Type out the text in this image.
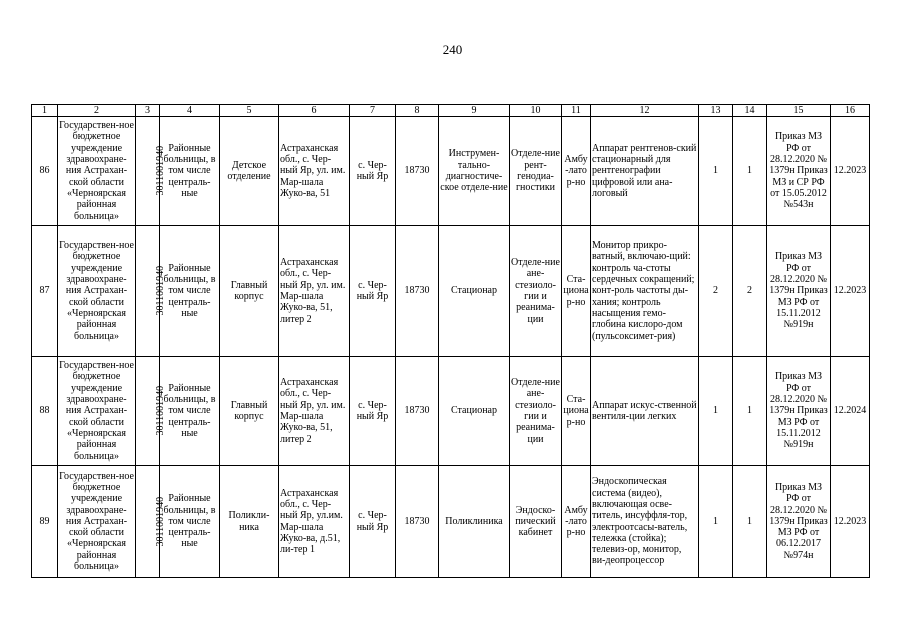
240
1	2	3	4	5	6	7	8	9	10	11	12	13	14	15	16
86	Государствен-ное бюджетное учреждение здравоохране-ния Астрахан-ской области «Черноярская районная больница»	3011001940	Районные больницы, в том числе централь-ные	Детское отделение	Астраханская обл., с. Чер-ный Яр, ул. им. Мар-шала Жуко-ва, 51	с. Чер-ный Яр	18730	Инструмен-тально-диагностиче-ское отделе-ние	Отделе-ние рент-генодиа-гностики	Амбу-латор-но	Аппарат рентгенов-ский стационарный для рентгенографии цифровой или ана-логовый	1	1	Приказ МЗ РФ от 28.12.2020 № 1379н Приказ МЗ и СР РФ от 15.05.2012 №543н	12.2023
87	Государствен-ное бюджетное учреждение здравоохране-ния Астрахан-ской области «Черноярская районная больница»	3011001940	Районные больницы, в том числе централь-ные	Главный корпус	Астраханская обл., с. Чер-ный Яр, ул. им. Мар-шала Жуко-ва, 51, литер 2	с. Чер-ный Яр	18730	Стационар	Отделе-ние ане-стезиоло-гии и реанима-ции	Ста-ционар-но	Монитор прикро-ватный, включаю-щий: контроль ча-стоты сердечных сокращений; конт-роль частоты ды-хания; контроль насыщения гемо-глобина кислоро-дом (пульсоксимет-рия)	2	2	Приказ МЗ РФ от 28.12.2020 № 1379н Приказ МЗ РФ от 15.11.2012 №919н	12.2023
88	Государствен-ное бюджетное учреждение здравоохране-ния Астрахан-ской области «Черноярская районная больница»	3011001940	Районные больницы, в том числе централь-ные	Главный корпус	Астраханская обл., с. Чер-ный Яр, ул. им. Мар-шала Жуко-ва, 51, литер 2	с. Чер-ный Яр	18730	Стационар	Отделе-ние ане-стезиоло-гии и реанима-ции	Ста-ционар-но	Аппарат искус-ственной вентиля-ции легких	1	1	Приказ МЗ РФ от 28.12.2020 № 1379н Приказ МЗ РФ от 15.11.2012 №919н	12.2024
89	Государствен-ное бюджетное учреждение здравоохране-ния Астрахан-ской области «Черноярская районная больница»	3011001940	Районные больницы, в том числе централь-ные	Поликли-ника	Астраханская обл., с. Чер-ный Яр, ул.им. Мар-шала Жуко-ва, д.51, ли-тер 1	с. Чер-ный Яр	18730	Поликлиника	Эндоско-пический кабинет	Амбу-латор-но	Эндоскопическая система (видео), включающая осве-титель, инсуффля-тор, электроотсасы-ватель, тележка (стойка); телевиз-ор, монитор, ви-деопроцессор	1	1	Приказ МЗ РФ от 28.12.2020 № 1379н Приказ МЗ РФ от 06.12.2017 №974н	12.2023
